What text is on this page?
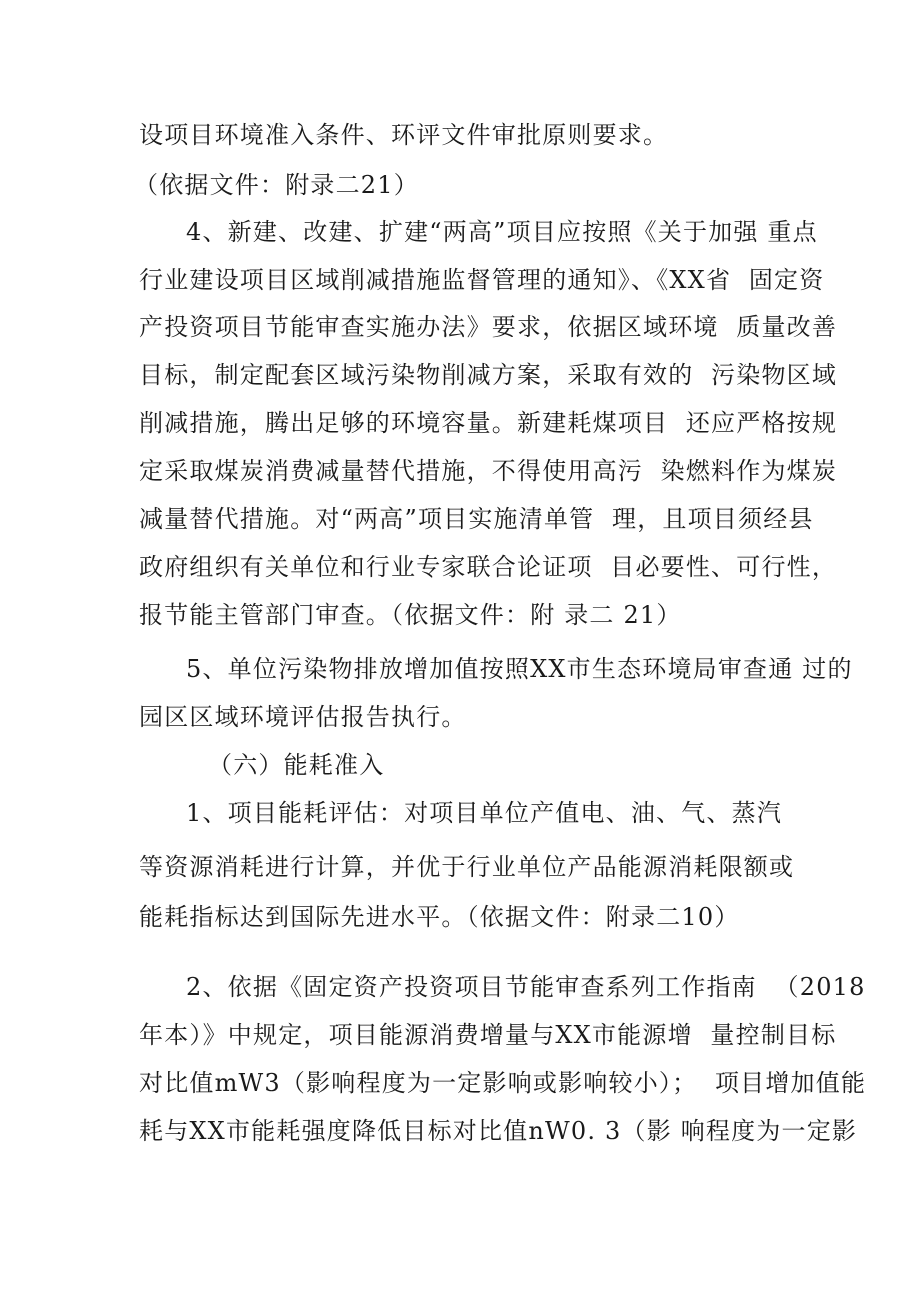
设项目环境准入条件、环评文件审批原则要求。
（依据文件：附录二21）
4、新建、改建、扩建“两高”项目应按照《关于加强 重点
行业建设项目区域削减措施监督管理的通知》、《XX省  固定资
产投资项目节能审查实施办法》要求，依据区域环境  质量改善
目标，制定配套区域污染物削减方案，采取有效的  污染物区域
削减措施，腾出足够的环境容量。新建耗煤项目  还应严格按规
定采取煤炭消费减量替代措施，不得使用高污  染燃料作为煤炭
减量替代措施。对“两高”项目实施清单管  理，且项目须经县
政府组织有关单位和行业专家联合论证项  目必要性、可行性，
报节能主管部门审查。（依据文件：附 录二 21）
5、单位污染物排放增加值按照XX市生态环境局审查通 过的
园区区域环境评估报告执行。
（六）能耗准入
1、项目能耗评估：对项目单位产值电、油、气、蒸汽
等资源消耗进行计算，并优于行业单位产品能源消耗限额或
能耗指标达到国际先进水平。（依据文件：附录二10）
2、依据《固定资产投资项目节能审查系列工作指南  （2018
年本）》中规定，项目能源消费增量与XX市能源增  量控制目标
对比值mW3（影响程度为一定影响或影响较小）；  项目增加值能
耗与XX市能耗强度降低目标对比值nW0. 3（影 响程度为一定影
